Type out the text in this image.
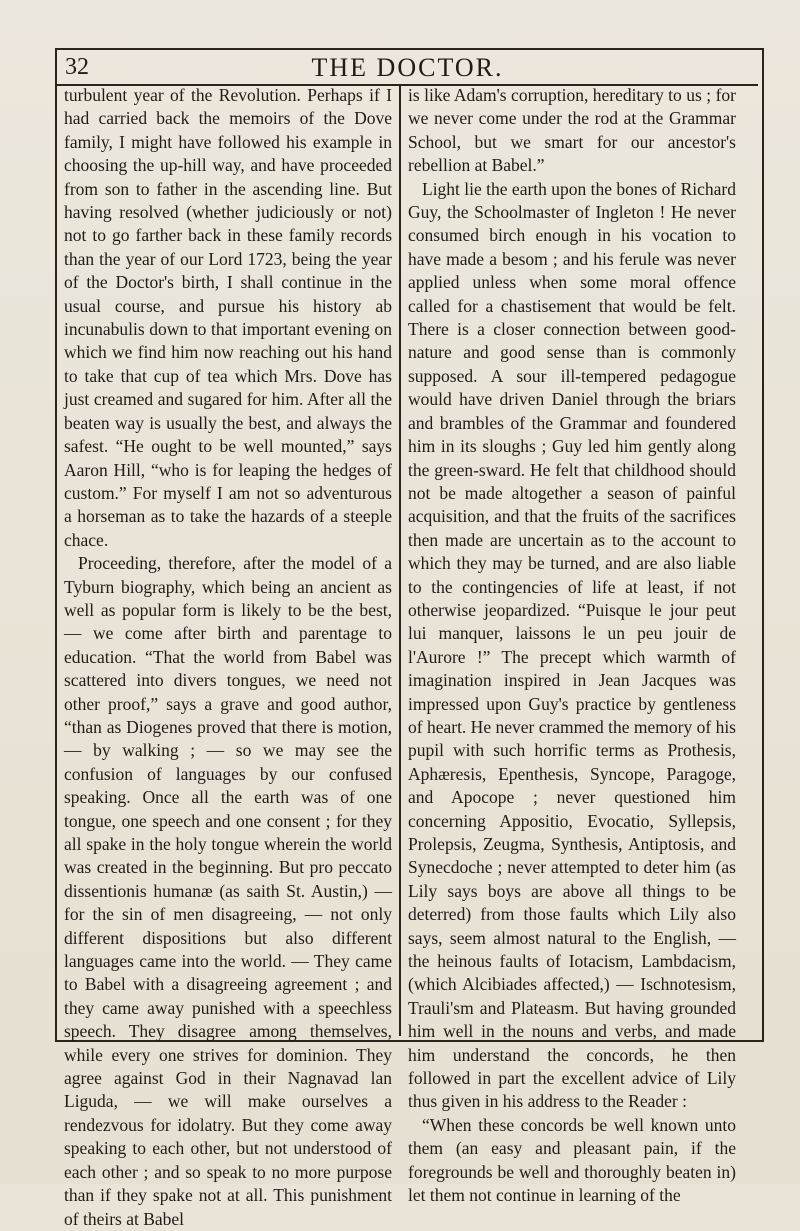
32	THE DOCTOR.

turbulent year of the Revolution. Perhaps if I had carried back the memoirs of the Dove family, I might have followed his example in choosing the up-hill way, and have proceeded from son to father in the ascending line. But having resolved (whether judiciously or not) not to go farther back in these family records than the year of our Lord 1723, being the year of the Doctor's birth, I shall continue in the usual course, and pursue his history ab incunabulis down to that important evening on which we find him now reaching out his hand to take that cup of tea which Mrs. Dove has just creamed and sugared for him. After all the beaten way is usually the best, and always the safest. “He ought to be well mounted,” says Aaron Hill, “who is for leaping the hedges of custom.” For myself I am not so adventurous a horseman as to take the hazards of a steeple chace.

Proceeding, therefore, after the model of a Tyburn biography, which being an ancient as well as popular form is likely to be the best, — we come after birth and parentage to education. “That the world from Babel was scattered into divers tongues, we need not other proof,” says a grave and good author, “than as Diogenes proved that there is motion, — by walking ; — so we may see the confusion of languages by our confused speaking. Once all the earth was of one tongue, one speech and one consent ; for they all spake in the holy tongue wherein the world was created in the beginning. But pro peccato dissentionis humanæ (as saith St. Austin,) — for the sin of men disagreeing, — not only different dispositions but also different languages came into the world. — They came to Babel with a disagreeing agreement ; and they came away punished with a speechless speech. They disagree among themselves, while every one strives for dominion. They agree against God in their Nagnavad lan Liguda, — we will make ourselves a rendezvous for idolatry. But they come away speaking to each other, but not understood of each other ; and so speak to no more purpose than if they spake not at all. This punishment of theirs at Babel

is like Adam's corruption, hereditary to us ; for we never come under the rod at the Grammar School, but we smart for our ancestor's rebellion at Babel.”

Light lie the earth upon the bones of Richard Guy, the Schoolmaster of Ingleton ! He never consumed birch enough in his vocation to have made a besom ; and his ferule was never applied unless when some moral offence called for a chastisement that would be felt. There is a closer connection between good-nature and good sense than is commonly supposed. A sour ill-tempered pedagogue would have driven Daniel through the briars and brambles of the Grammar and foundered him in its sloughs ; Guy led him gently along the green-sward. He felt that childhood should not be made altogether a season of painful acquisition, and that the fruits of the sacrifices then made are uncertain as to the account to which they may be turned, and are also liable to the contingencies of life at least, if not otherwise jeopardized. “Puisque le jour peut lui manquer, laissons le un peu jouir de l'Aurore !” The precept which warmth of imagination inspired in Jean Jacques was impressed upon Guy's practice by gentleness of heart. He never crammed the memory of his pupil with such horrific terms as Prothesis, Aphæresis, Epenthesis, Syncope, Paragoge, and Apocope ; never questioned him concerning Appositio, Evocatio, Syllepsis, Prolepsis, Zeugma, Synthesis, Antiptosis, and Synecdoche ; never attempted to deter him (as Lily says boys are above all things to be deterred) from those faults which Lily also says, seem almost natural to the English, — the heinous faults of Iotacism, Lambdacism, (which Alcibiades affected,) — Ischnotesism, Trauli'sm and Plateasm. But having grounded him well in the nouns and verbs, and made him understand the concords, he then followed in part the excellent advice of Lily thus given in his address to the Reader :

“When these concords be well known unto them (an easy and pleasant pain, if the foregrounds be well and thoroughly beaten in) let them not continue in learning of the
